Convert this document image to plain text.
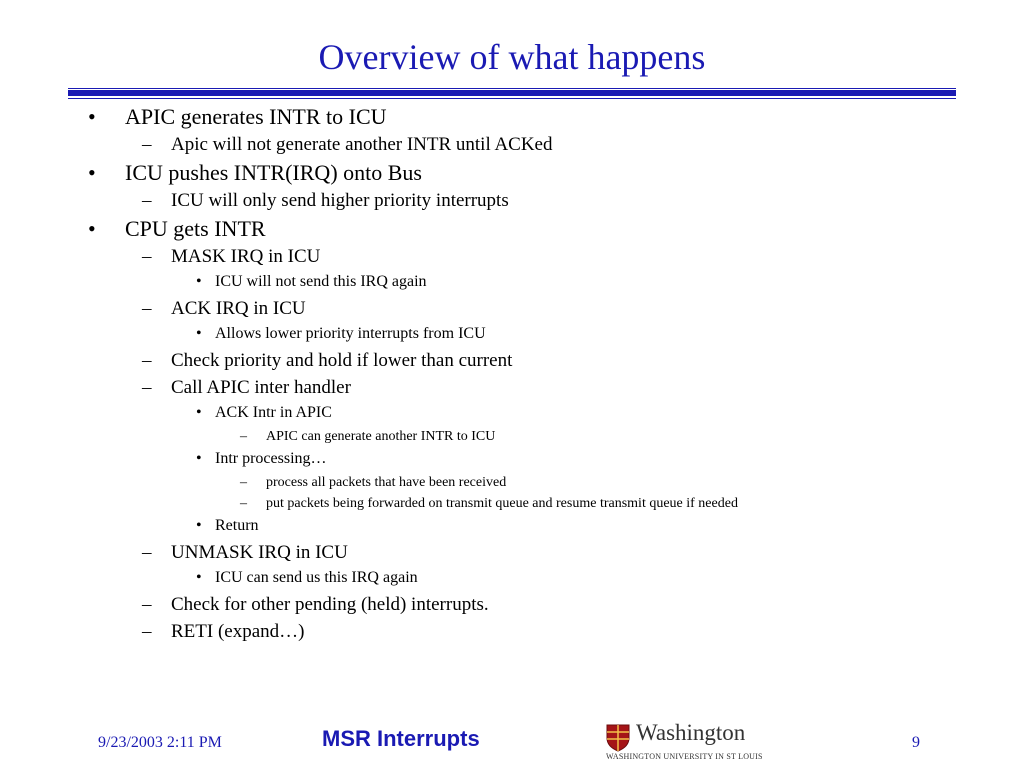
Overview of what happens
• APIC generates INTR to ICU
– Apic will not generate another INTR until ACKed
• ICU pushes INTR(IRQ) onto Bus
– ICU will only send higher priority interrupts
• CPU gets INTR
– MASK IRQ in ICU
• ICU will not send this IRQ again
– ACK IRQ in ICU
• Allows lower priority interrupts from ICU
– Check priority and hold if lower than current
– Call APIC inter handler
• ACK Intr in APIC
– APIC can generate another INTR to ICU
• Intr processing…
– process all packets that have been received
– put packets being forwarded on transmit queue and resume transmit queue if needed
• Return
– UNMASK IRQ in ICU
• ICU can send us this IRQ again
– Check for other pending (held) interrupts.
– RETI (expand…)
9/23/2003 2:11 PM	MSR Interrupts	Washington
WASHINGTON UNIVERSITY IN ST LOUIS
9
